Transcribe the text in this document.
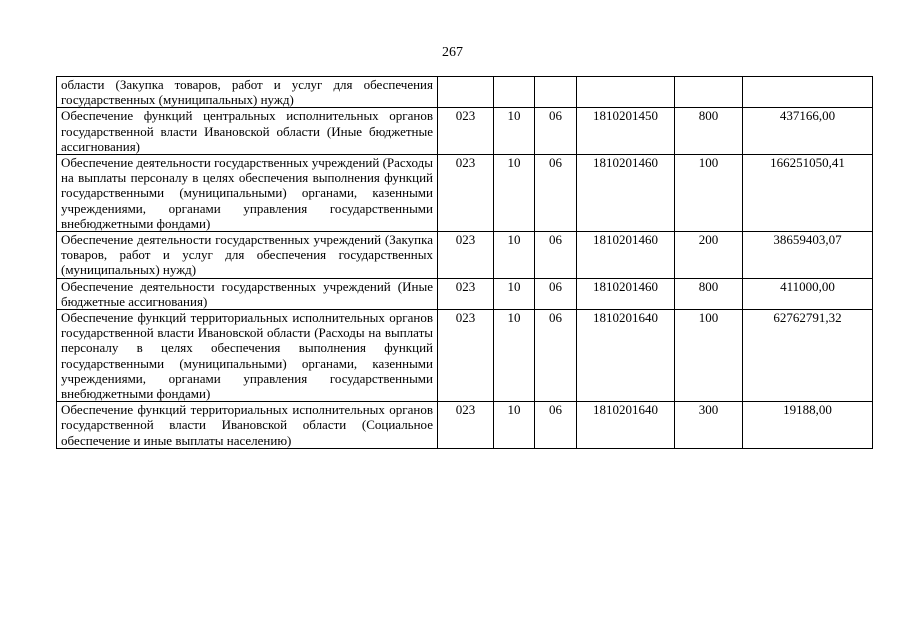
267
области (Закупка товаров, работ и услуг для обеспечения государственных (муниципальных) нужд)						
Обеспечение функций центральных исполнительных органов государственной власти Ивановской области (Иные бюджетные ассигнования)	023	10	06	1810201450	800	437166,00
Обеспечение деятельности государственных учреждений (Расходы на выплаты персоналу в целях обеспечения выполнения функций государственными (муниципальными) органами, казенными учреждениями, органами управления государственными внебюджетными фондами)	023	10	06	1810201460	100	166251050,41
Обеспечение деятельности государственных учреждений (Закупка товаров, работ и услуг для обеспечения государственных (муниципальных) нужд)	023	10	06	1810201460	200	38659403,07
Обеспечение деятельности государственных учреждений (Иные бюджетные ассигнования)	023	10	06	1810201460	800	411000,00
Обеспечение функций территориальных исполнительных органов государственной власти Ивановской области (Расходы на выплаты персоналу в целях обеспечения выполнения функций государственными (муниципальными) органами, казенными учреждениями, органами управления государственными внебюджетными фондами)	023	10	06	1810201640	100	62762791,32
Обеспечение функций территориальных исполнительных органов государственной власти Ивановской области (Социальное обеспечение и иные выплаты населению)	023	10	06	1810201640	300	19188,00
